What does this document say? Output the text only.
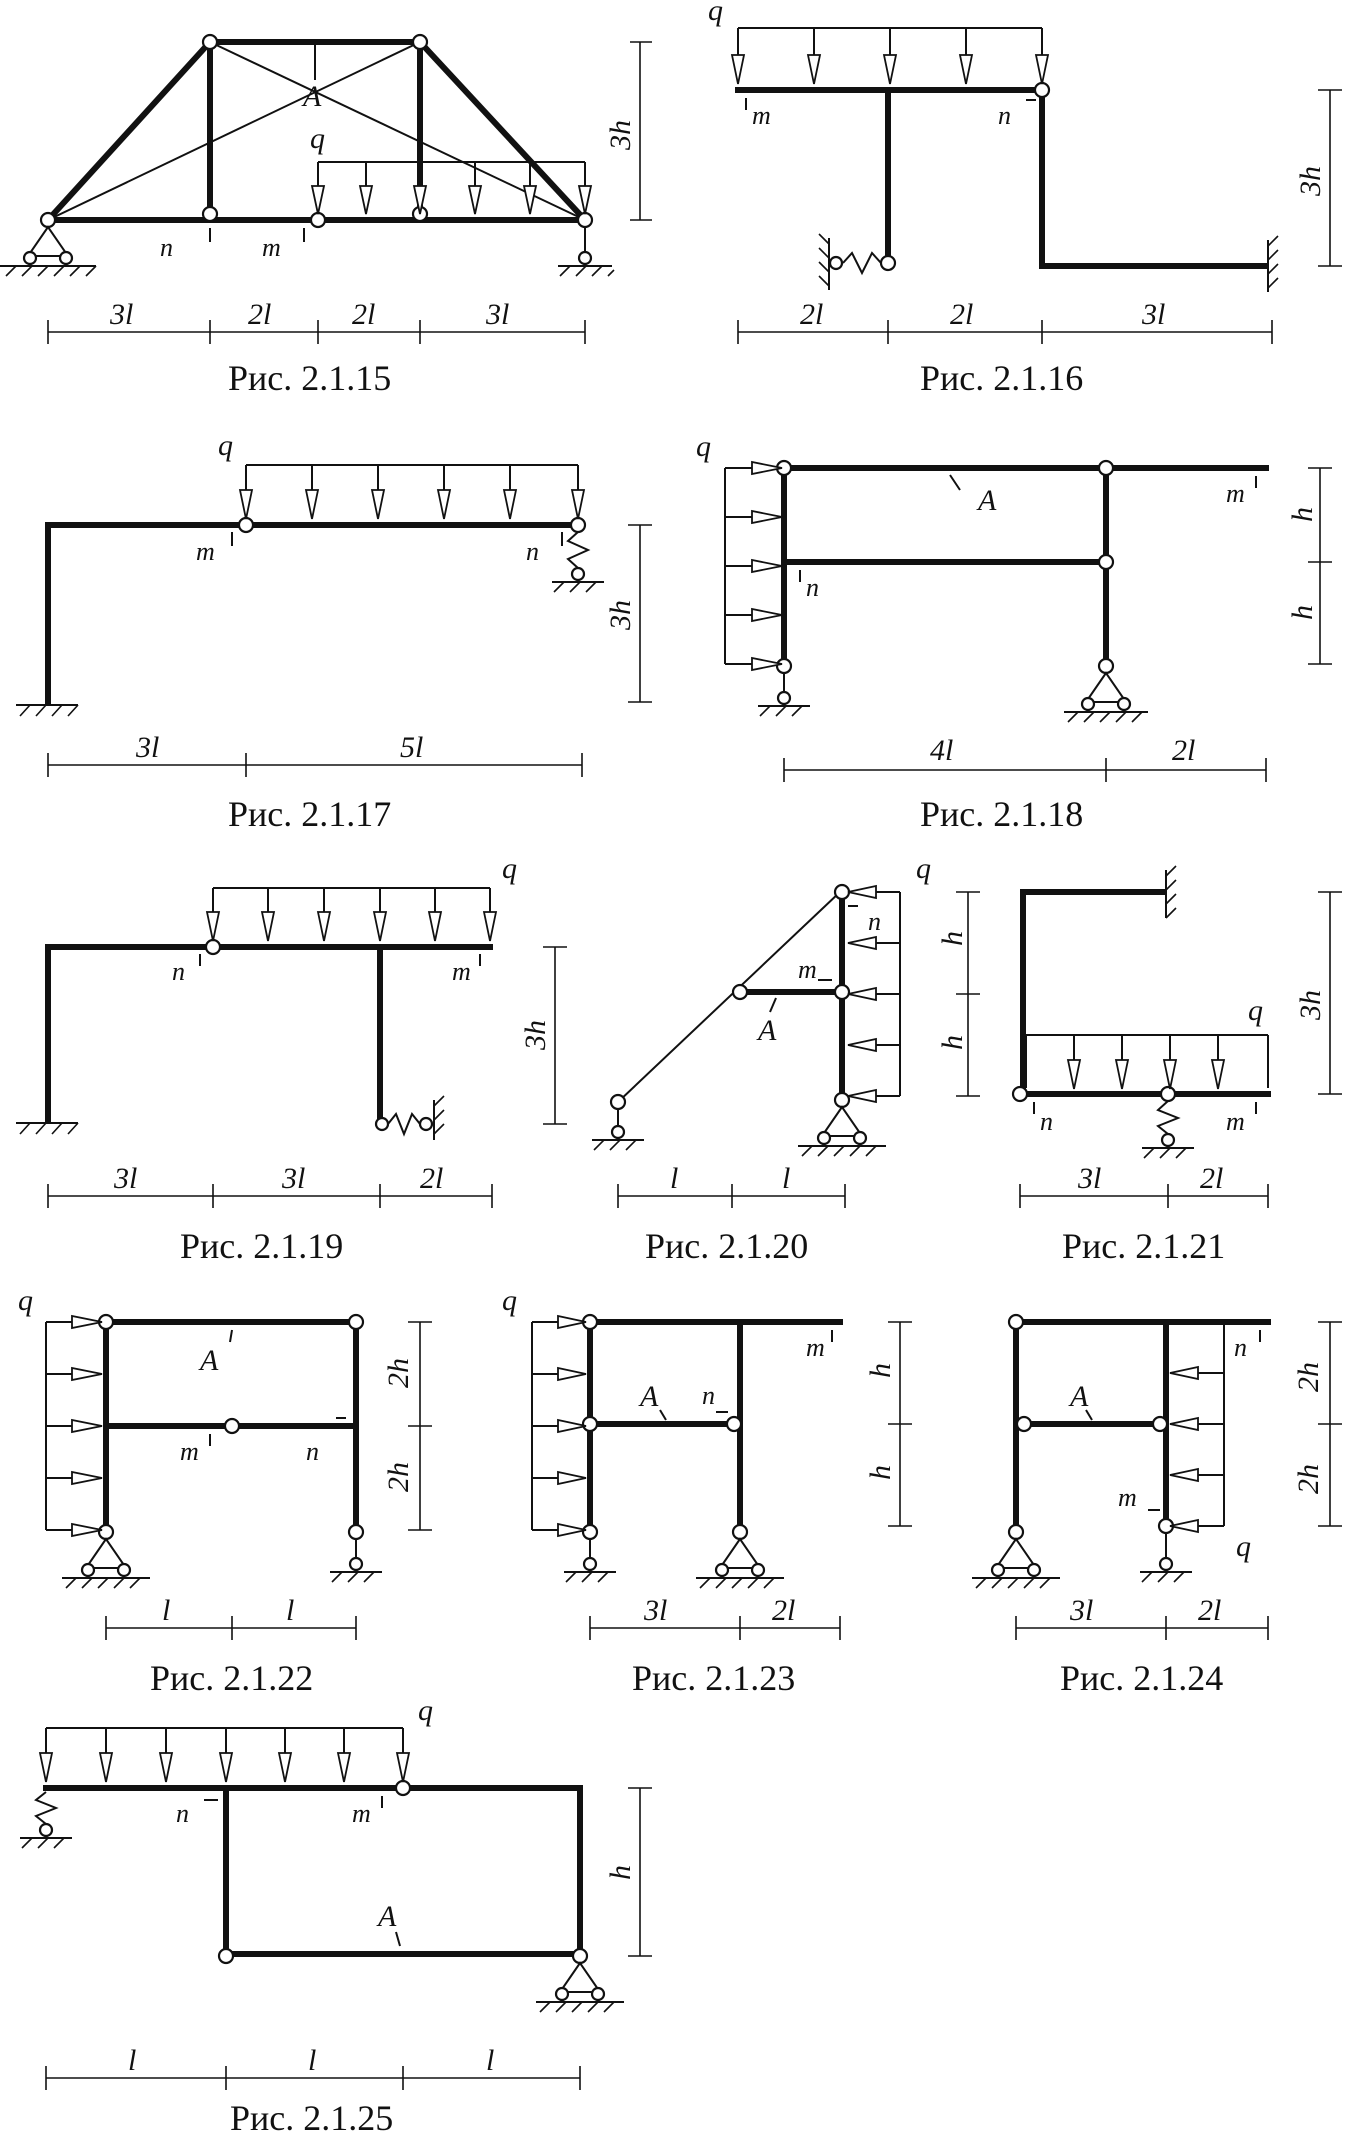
A
q
n	m
3l	2l	2l	3l
3h
Рис. 2.1.15
q
m	n
2l	2l	3l
3h
Рис. 2.1.16
q
m	n
3l	5l
3h
Рис. 2.1.17
q
A	m
n
4l	2l
h
h
Рис. 2.1.18
q
n	m
3l	3l	2l
3h
Рис. 2.1.19
q
n
m
A
l	l
h
h
Рис. 2.1.20
q
n	m
3l	2l
3h
Рис. 2.1.21
q
A
m	n
l	l
2h
2h
Рис. 2.1.22
q
m
A n
3l	2l
h
h
Рис. 2.1.23
n
A
m
q
3l	2l
2h
2h
Рис. 2.1.24
q
n	m
A
l	l	l
h
Рис. 2.1.25
